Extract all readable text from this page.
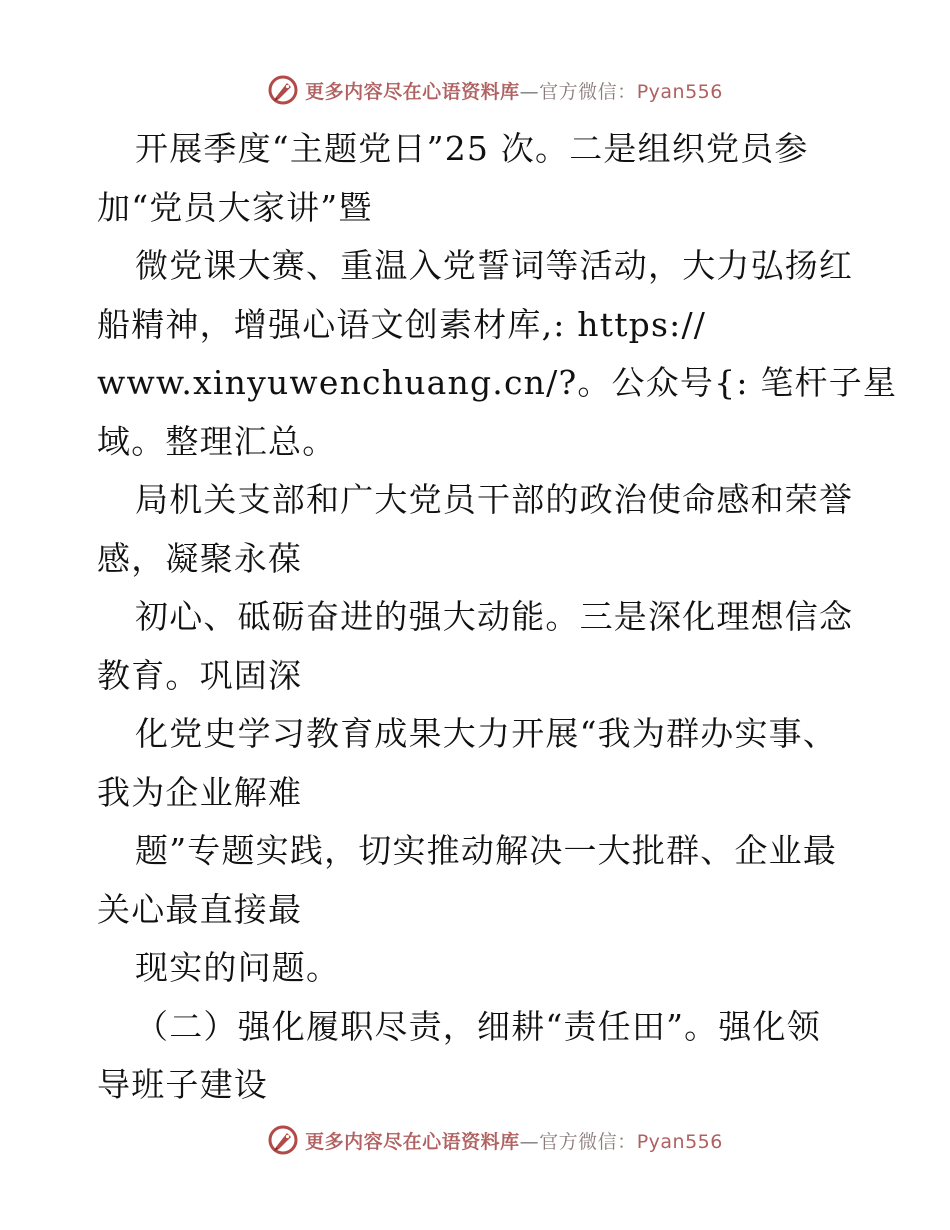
更多内容尽在心语资料库—官方微信：Pyan556
开展季度“主题党日”25 次。二是组织党员参
加“党员大家讲”暨
微党课大赛、重温入党誓词等活动，大力弘扬红
船精神，增强心语文创素材库,: https://
www.xinyuwenchuang.cn/?。公众号{: 笔杆子星
域。整理汇总。
局机关支部和广大党员干部的政治使命感和荣誉
感，凝聚永葆
初心、砥砺奋进的强大动能。三是深化理想信念
教育。巩固深
化党史学习教育成果大力开展“我为群办实事、
我为企业解难
题”专题实践，切实推动解决一大批群、企业最
关心最直接最
现实的问题。
（二）强化履职尽责，细耕“责任田”。强化领
导班子建设
更多内容尽在心语资料库—官方微信：Pyan556
